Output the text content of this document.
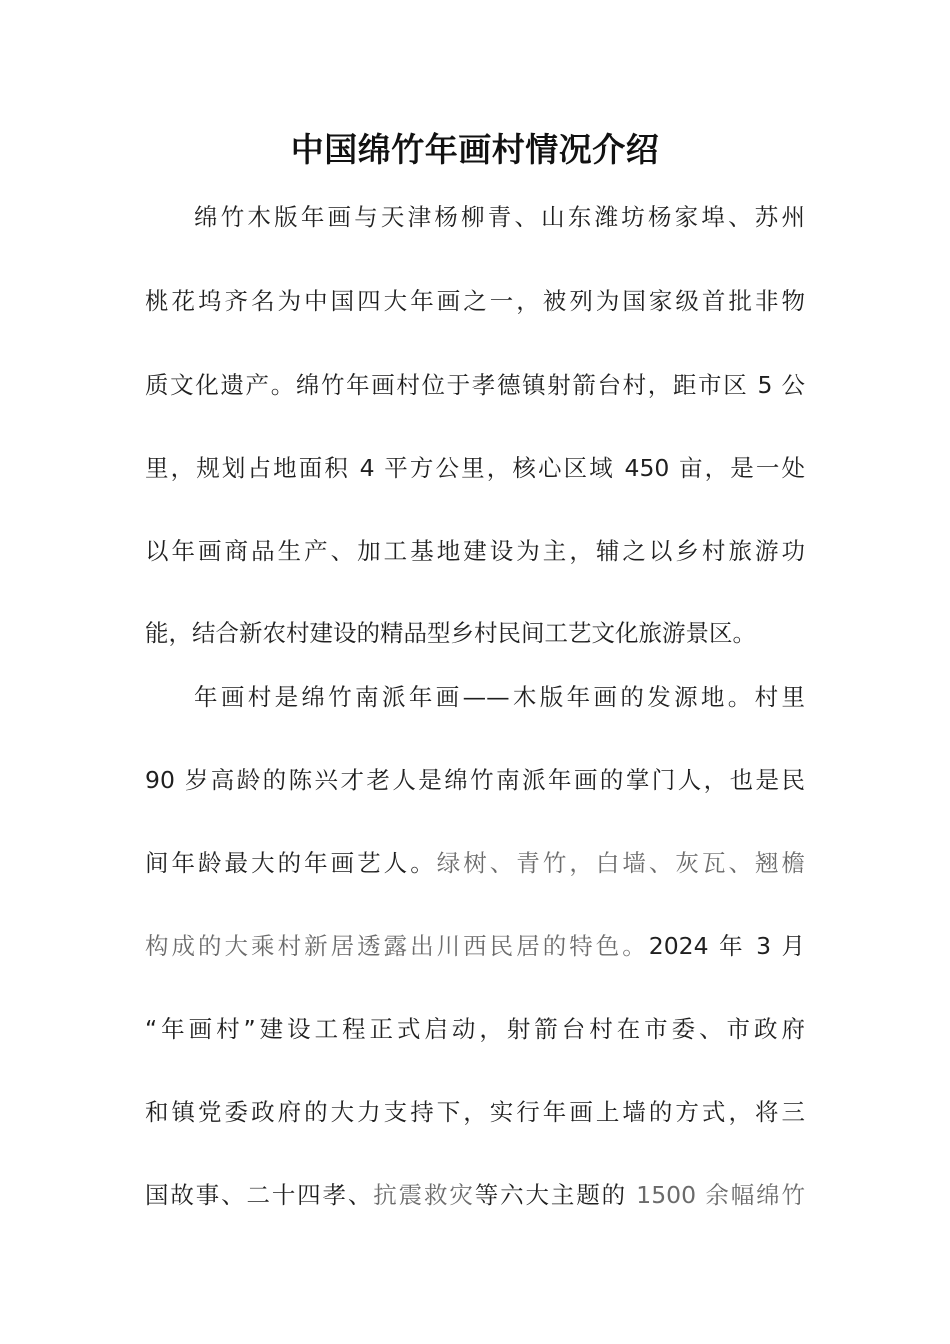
中国绵竹年画村情况介绍
绵竹木版年画与天津杨柳青、山东潍坊杨家埠、苏州
桃花坞齐名为中国四大年画之一，被列为国家级首批非物
质文化遗产。绵竹年画村位于孝德镇射箭台村，距市区 5 公
里，规划占地面积 4 平方公里，核心区域 450 亩，是一处
以年画商品生产、加工基地建设为主，辅之以乡村旅游功
能，结合新农村建设的精品型乡村民间工艺文化旅游景区。
年画村是绵竹南派年画——木版年画的发源地。村里
90 岁高龄的陈兴才老人是绵竹南派年画的掌门人，也是民
间年龄最大的年画艺人。绿树、青竹，白墙、灰瓦、翘檐
构成的大乘村新居透露出川西民居的特色。2024 年 3 月
“年画村”建设工程正式启动，射箭台村在市委、市政府
和镇党委政府的大力支持下，实行年画上墙的方式，将三
国故事、二十四孝、抗震救灾等六大主题的 1500 余幅绵竹
